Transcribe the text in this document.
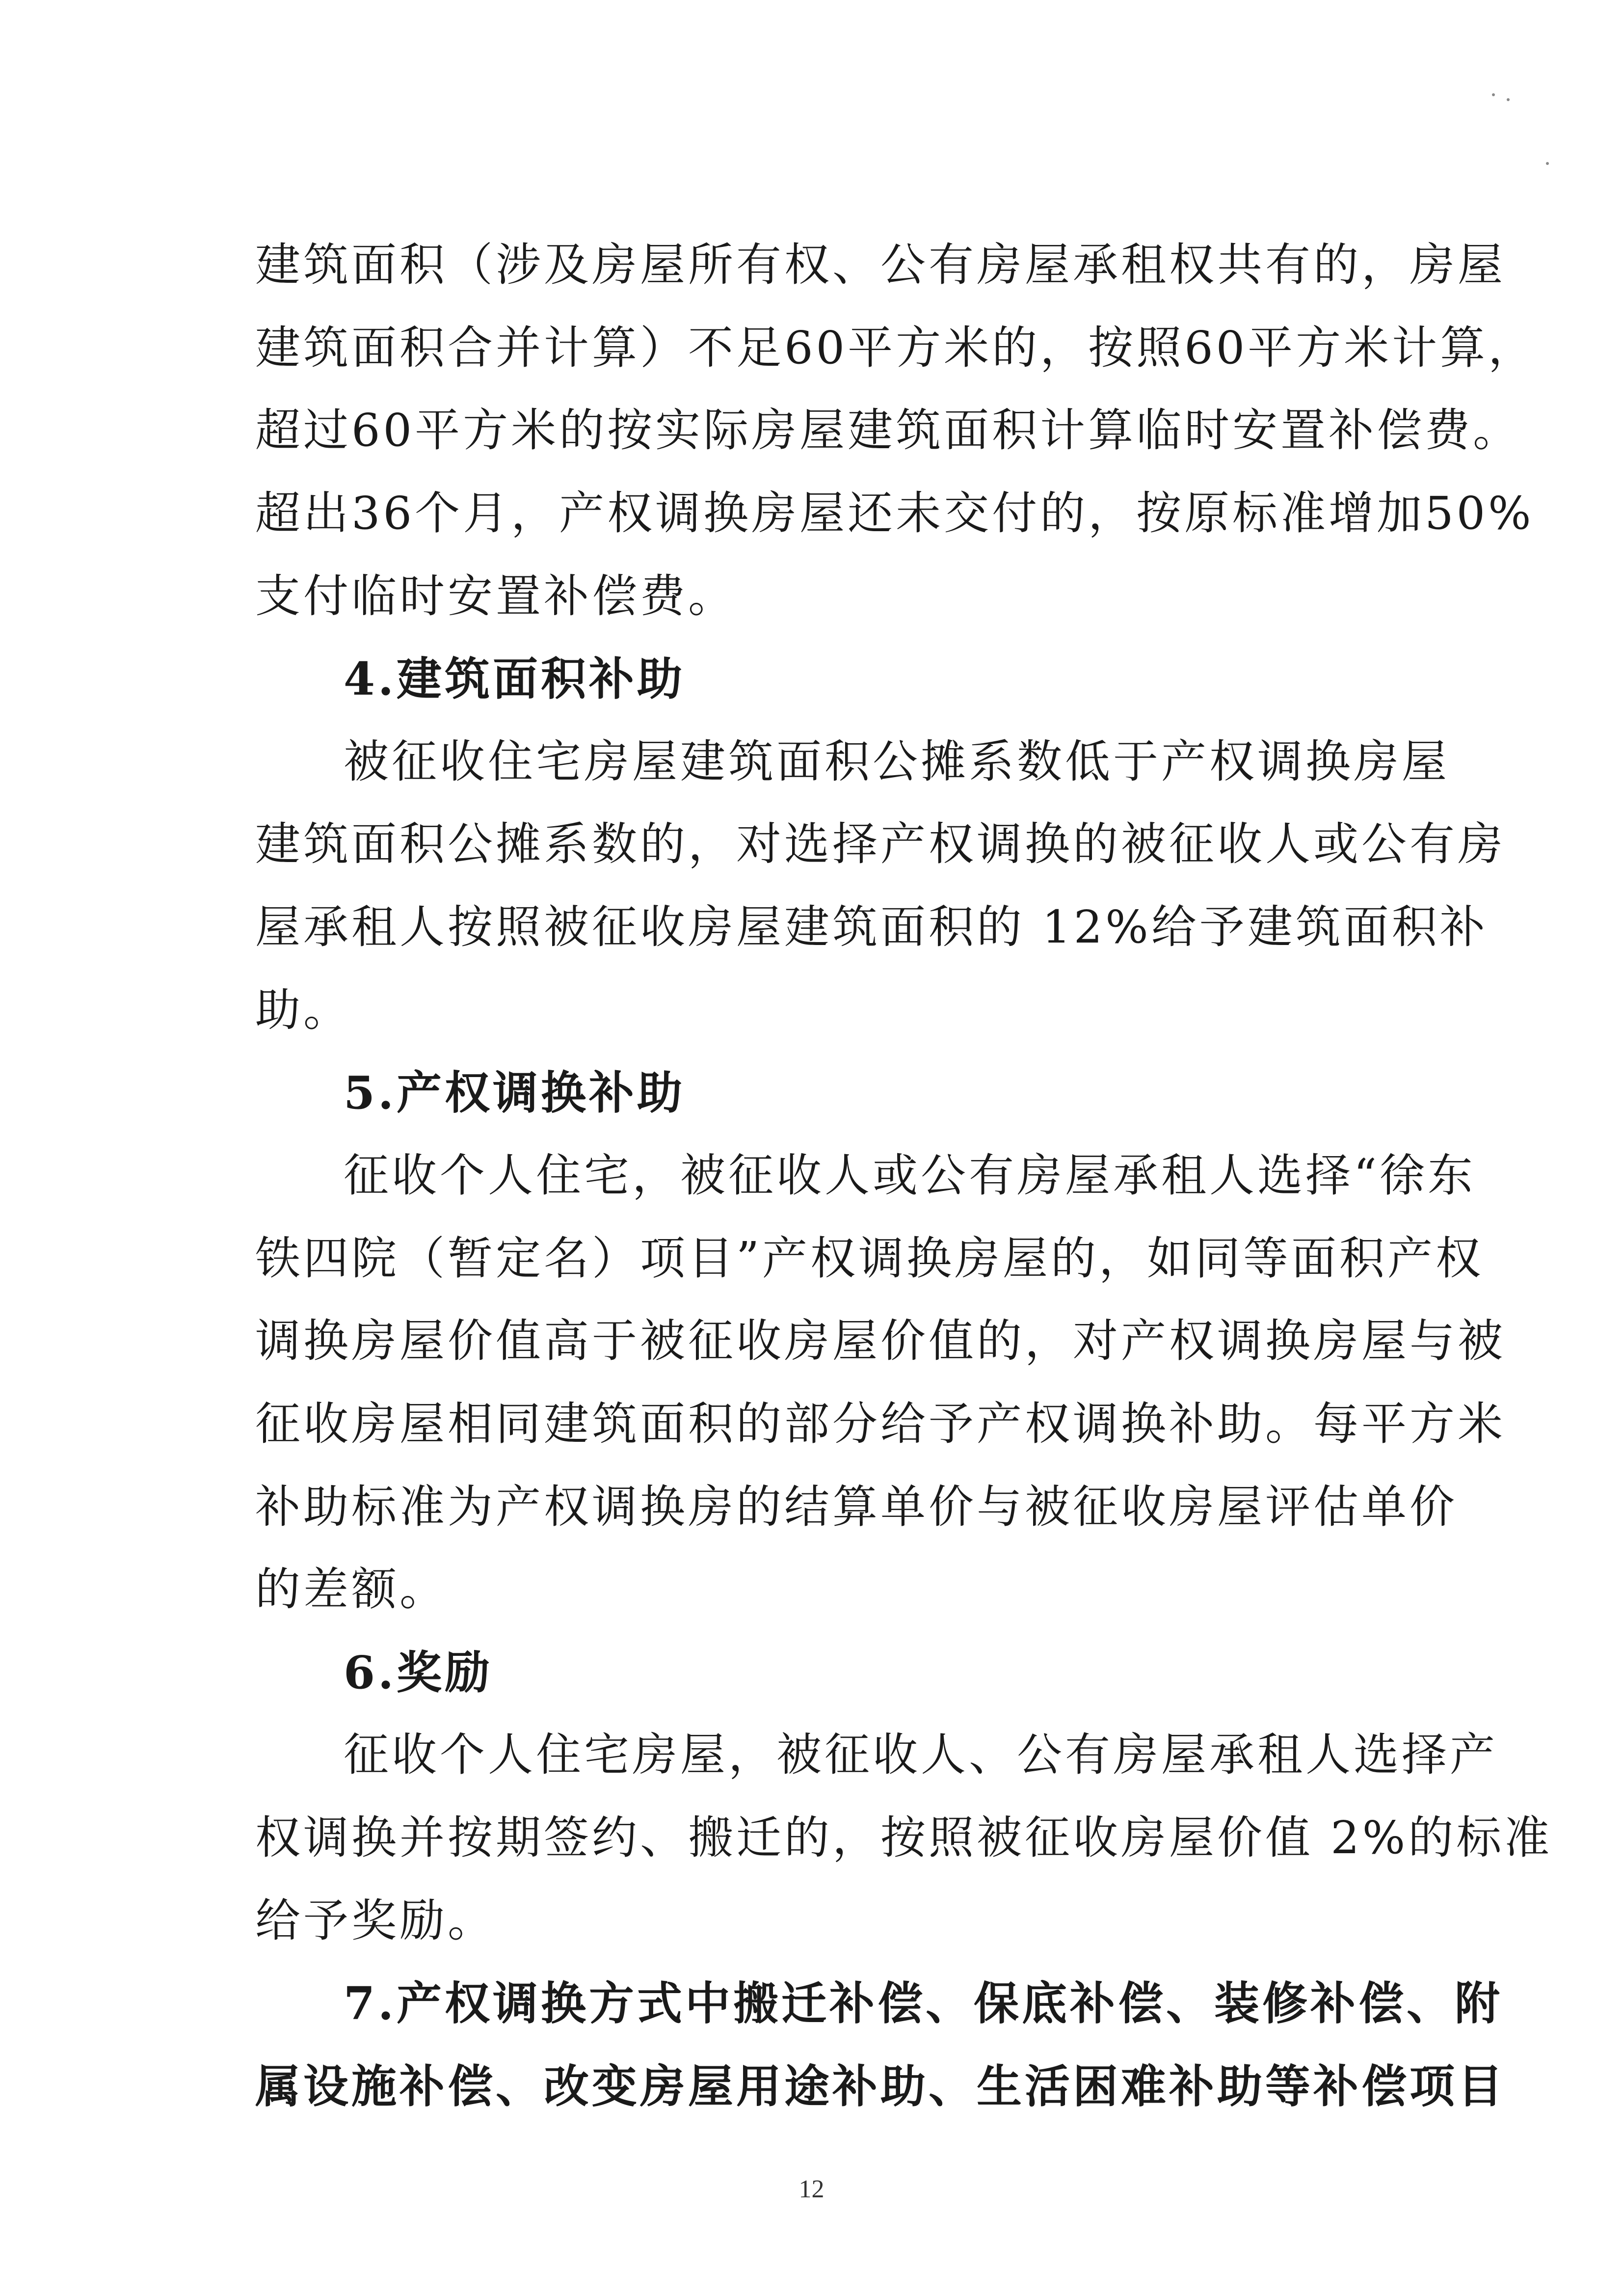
建筑面积（涉及房屋所有权、公有房屋承租权共有的，房屋
建筑面积合并计算）不足60平方米的，按照60平方米计算，
超过60平方米的按实际房屋建筑面积计算临时安置补偿费。
超出36个月，产权调换房屋还未交付的，按原标准增加50%
支付临时安置补偿费。
4.建筑面积补助
被征收住宅房屋建筑面积公摊系数低于产权调换房屋
建筑面积公摊系数的，对选择产权调换的被征收人或公有房
屋承租人按照被征收房屋建筑面积的 12%给予建筑面积补
助。
5.产权调换补助
征收个人住宅，被征收人或公有房屋承租人选择“徐东
铁四院（暂定名）项目”产权调换房屋的，如同等面积产权
调换房屋价值高于被征收房屋价值的，对产权调换房屋与被
征收房屋相同建筑面积的部分给予产权调换补助。每平方米
补助标准为产权调换房的结算单价与被征收房屋评估单价
的差额。
6.奖励
征收个人住宅房屋，被征收人、公有房屋承租人选择产
权调换并按期签约、搬迁的，按照被征收房屋价值 2%的标准
给予奖励。
7.产权调换方式中搬迁补偿、保底补偿、装修补偿、附
属设施补偿、改变房屋用途补助、生活困难补助等补偿项目
12
